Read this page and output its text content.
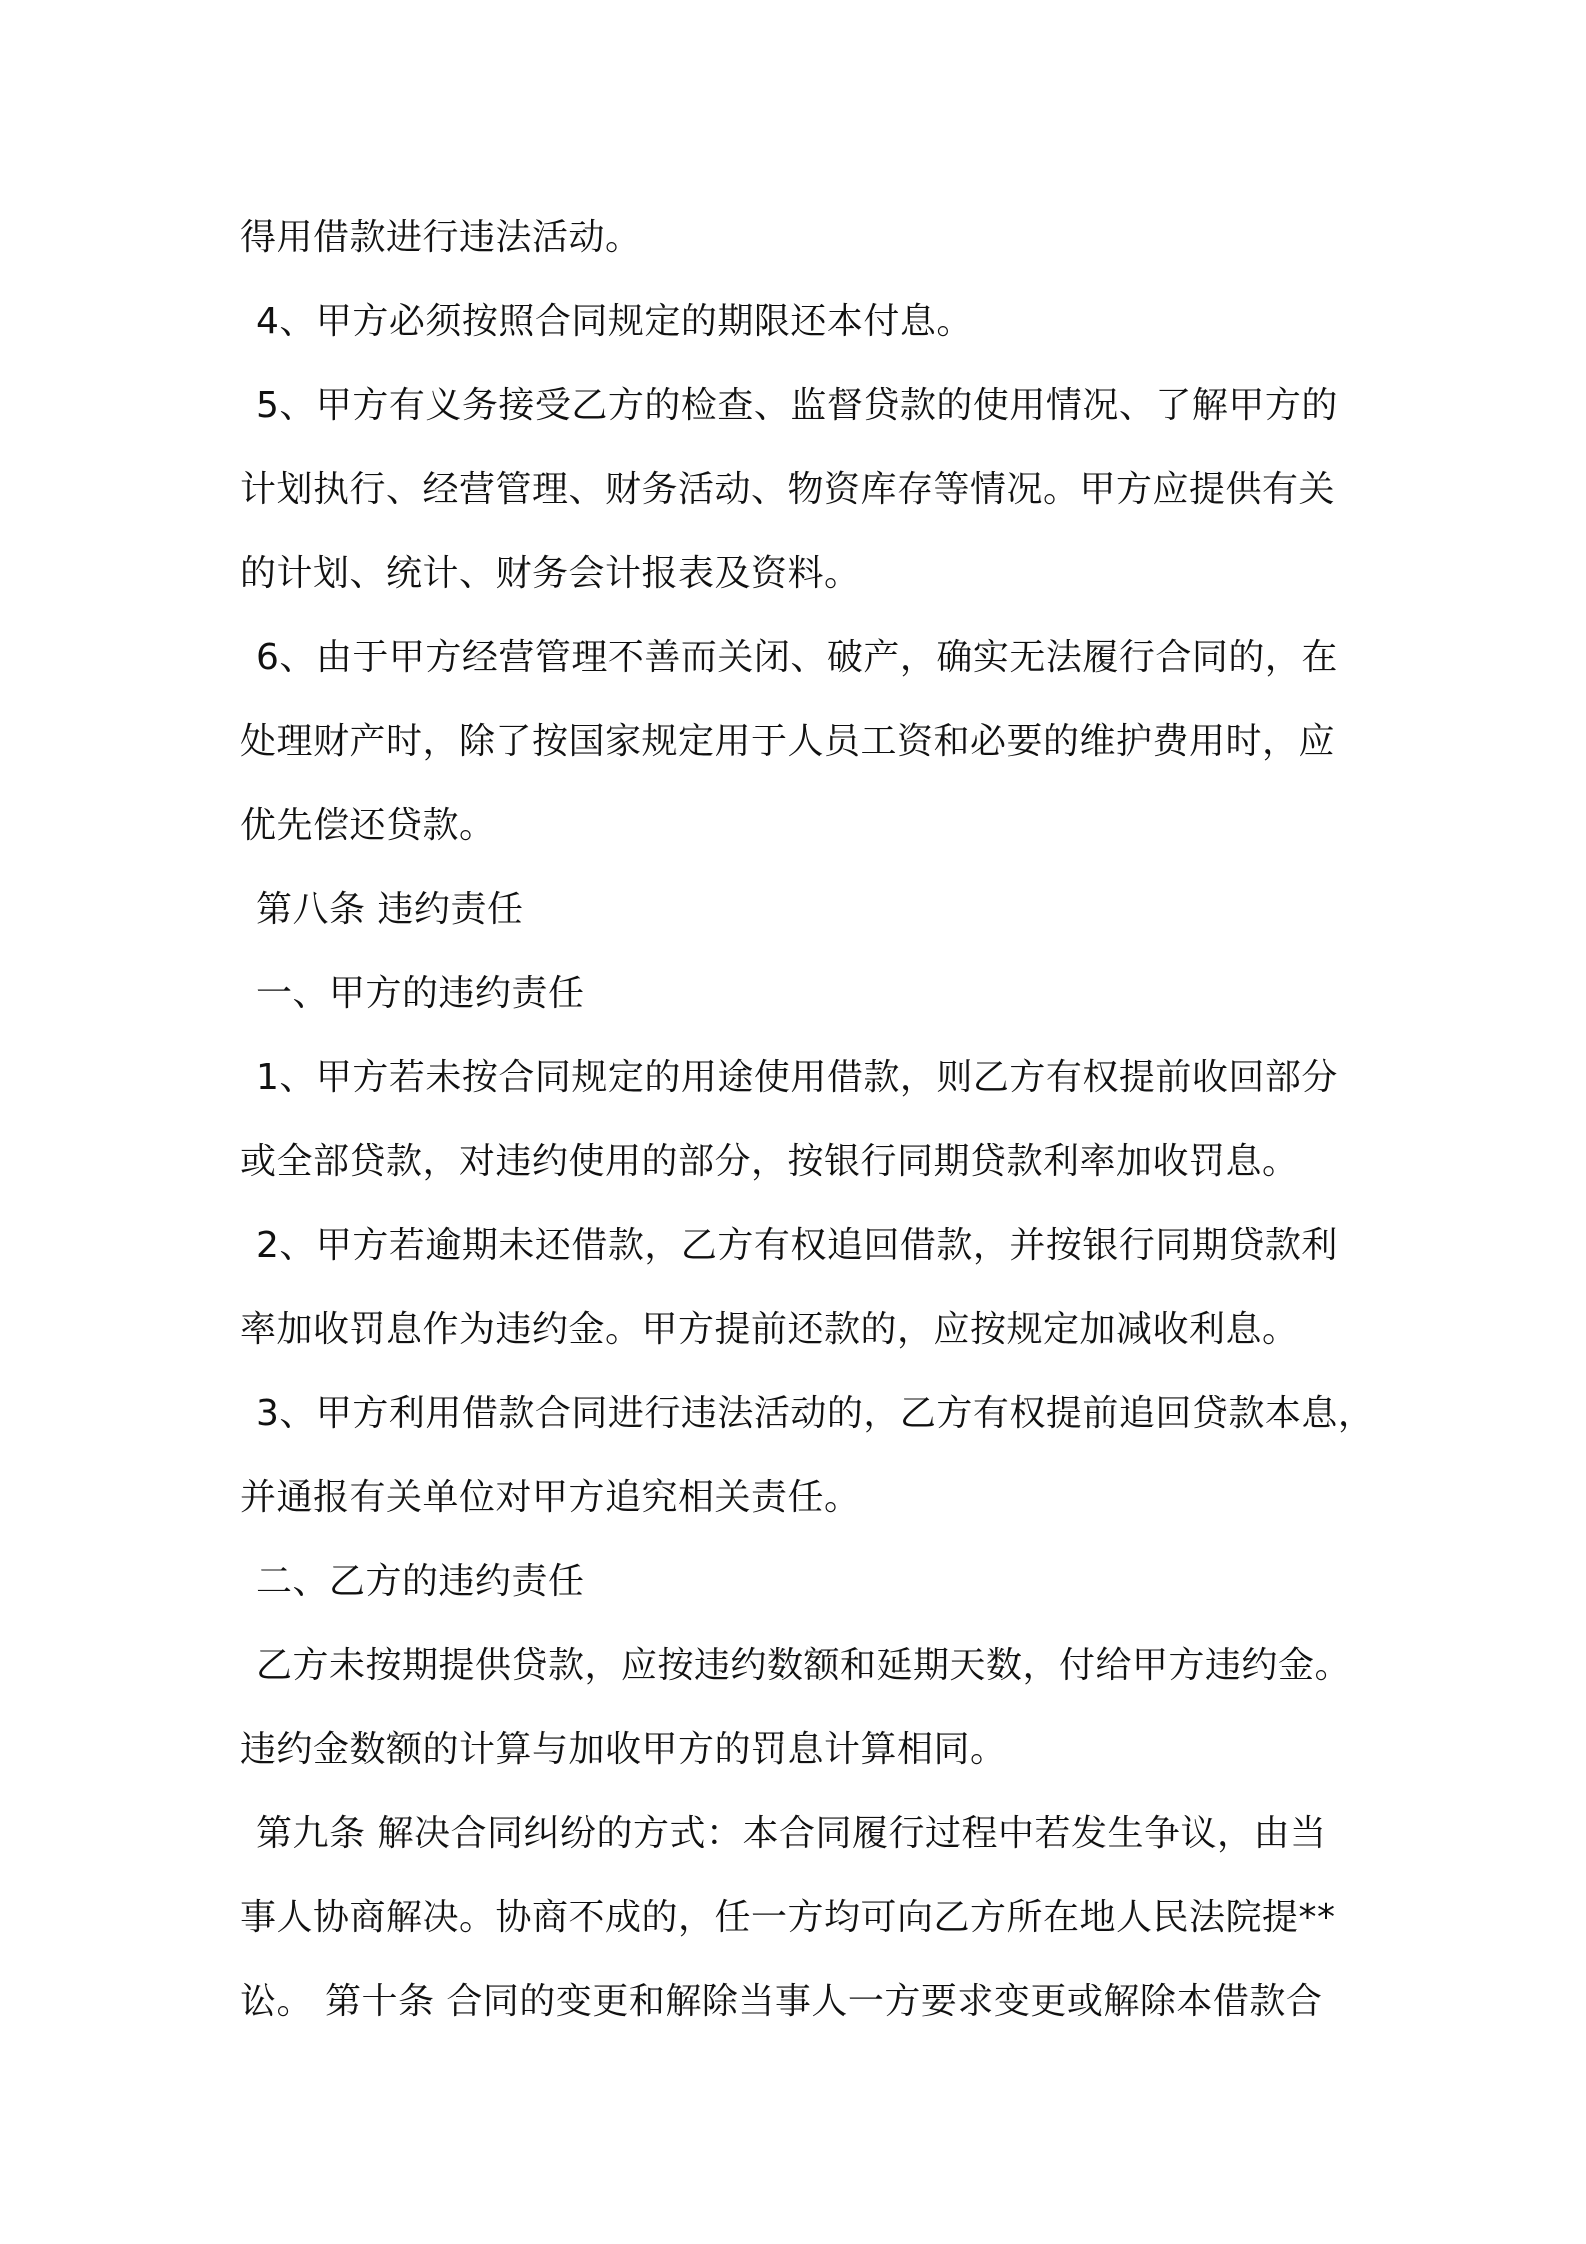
得用借款进行违法活动。
4、甲方必须按照合同规定的期限还本付息。
5、甲方有义务接受乙方的检查、监督贷款的使用情况、了解甲方的
计划执行、经营管理、财务活动、物资库存等情况。甲方应提供有关
的计划、统计、财务会计报表及资料。
6、由于甲方经营管理不善而关闭、破产，确实无法履行合同的，在
处理财产时，除了按国家规定用于人员工资和必要的维护费用时，应
优先偿还贷款。
第八条 违约责任
一、甲方的违约责任
1、甲方若未按合同规定的用途使用借款，则乙方有权提前收回部分
或全部贷款，对违约使用的部分，按银行同期贷款利率加收罚息。
2、甲方若逾期未还借款，乙方有权追回借款，并按银行同期贷款利
率加收罚息作为违约金。甲方提前还款的，应按规定加减收利息。
3、甲方利用借款合同进行违法活动的，乙方有权提前追回贷款本息，
并通报有关单位对甲方追究相关责任。
二、乙方的违约责任
乙方未按期提供贷款，应按违约数额和延期天数，付给甲方违约金。
违约金数额的计算与加收甲方的罚息计算相同。
第九条 解决合同纠纷的方式：本合同履行过程中若发生争议，由当
事人协商解决。协商不成的，任一方均可向乙方所在地人民法院提**
讼。 第十条 合同的变更和解除当事人一方要求变更或解除本借款合
